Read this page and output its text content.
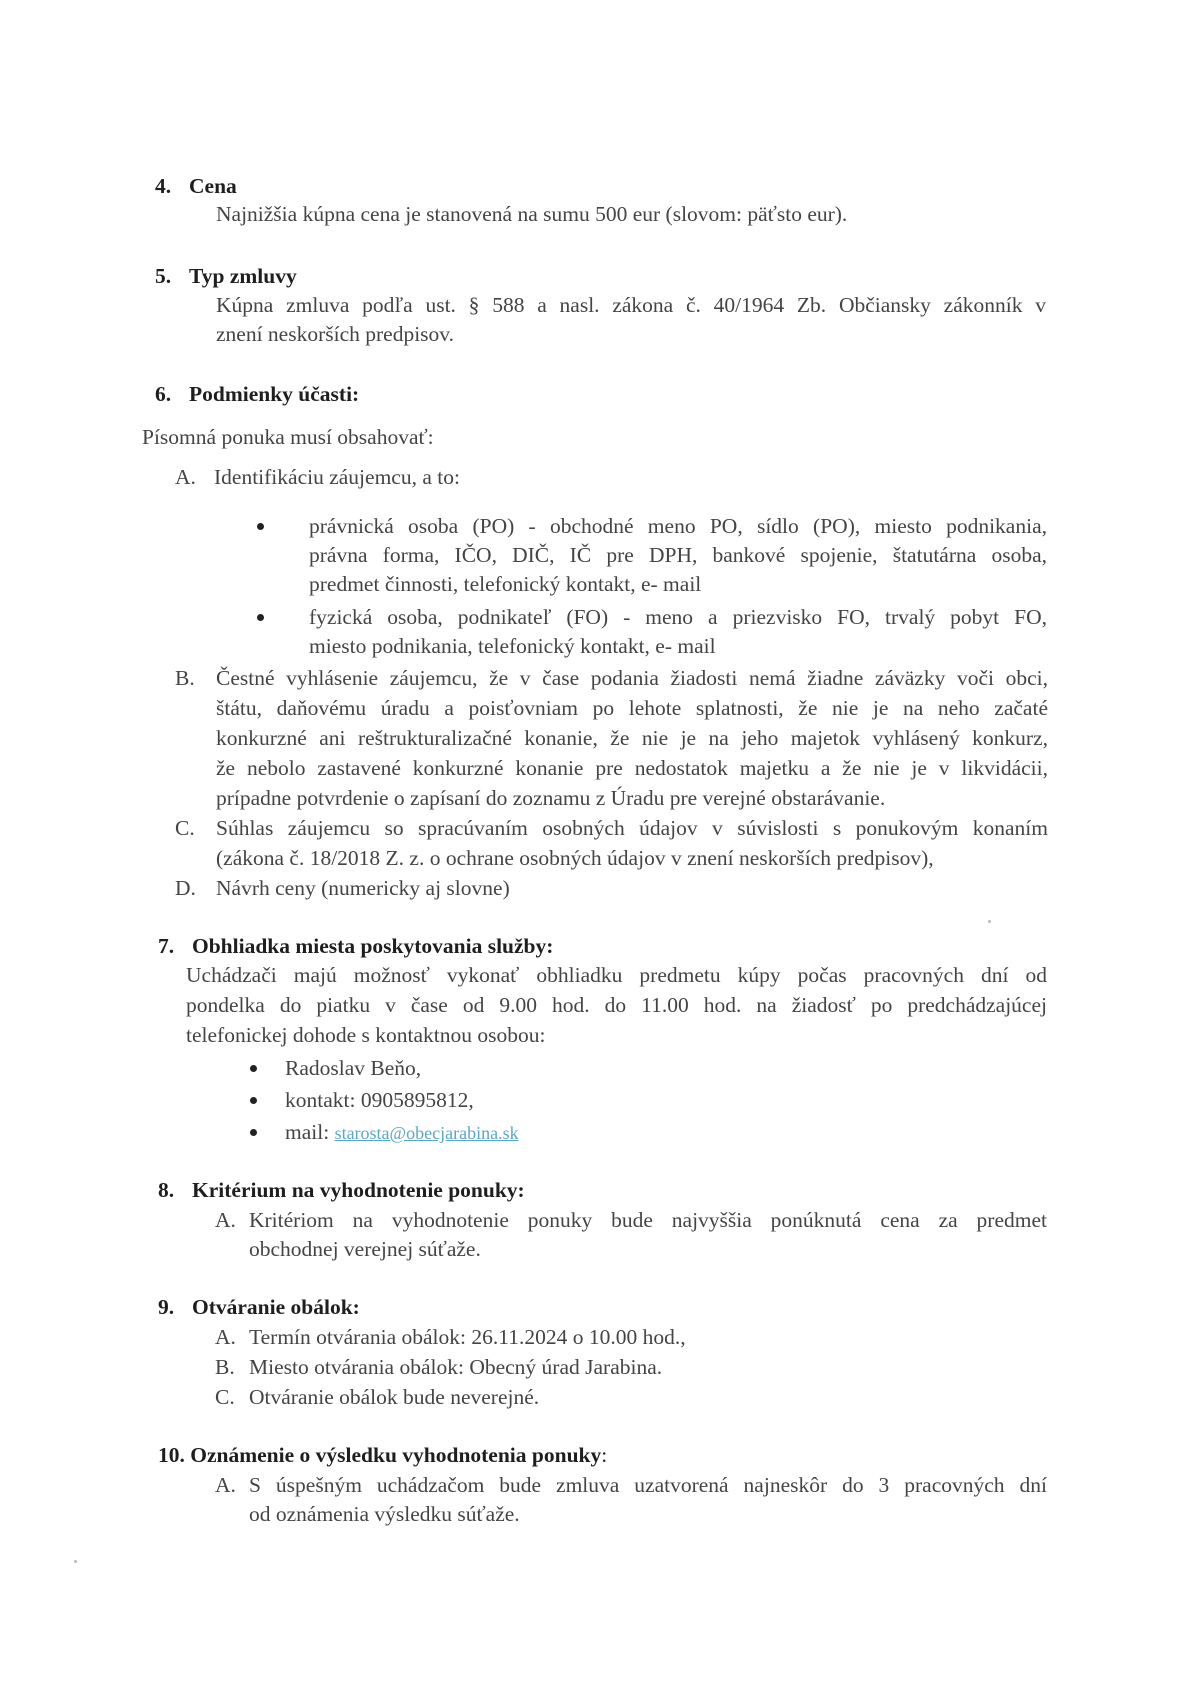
4. Cena
Najnižšia kúpna cena je stanovená na sumu 500 eur (slovom: päťsto eur).
5. Typ zmluvy
Kúpna zmluva podľa ust. § 588 a nasl. zákona č. 40/1964 Zb. Občiansky zákonník v
znení neskorších predpisov.
6. Podmienky účasti:
Písomná ponuka musí obsahovať:
A. Identifikáciu záujemcu, a to:
právnická osoba (PO) - obchodné meno PO, sídlo (PO), miesto podnikania,
právna forma, IČO, DIČ, IČ pre DPH, bankové spojenie, štatutárna osoba,
predmet činnosti, telefonický kontakt, e- mail
fyzická osoba, podnikateľ (FO) - meno a priezvisko FO, trvalý pobyt FO,
miesto podnikania, telefonický kontakt, e- mail
B. Čestné vyhlásenie záujemcu, že v čase podania žiadosti nemá žiadne záväzky voči obci,
štátu, daňovému úradu a poisťovniam po lehote splatnosti, že nie je na neho začaté
konkurzné ani reštrukturalizačné konanie, že nie je na jeho majetok vyhlásený konkurz,
že nebolo zastavené konkurzné konanie pre nedostatok majetku a že nie je v likvidácii,
prípadne potvrdenie o zapísaní do zoznamu z Úradu pre verejné obstarávanie.
C. Súhlas záujemcu so spracúvaním osobných údajov v súvislosti s ponukovým konaním
(zákona č. 18/2018 Z. z. o ochrane osobných údajov v znení neskorších predpisov),
D. Návrh ceny (numericky aj slovne)
7. Obhliadka miesta poskytovania služby:
Uchádzači majú možnosť vykonať obhliadku predmetu kúpy počas pracovných dní od
pondelka do piatku v čase od 9.00 hod. do 11.00 hod. na žiadosť po predchádzajúcej
telefonickej dohode s kontaktnou osobou:
Radoslav Beňo,
kontakt: 0905895812,
mail: starosta@obecjarabina.sk
8. Kritérium na vyhodnotenie ponuky:
A. Kritériom na vyhodnotenie ponuky bude najvyššia ponúknutá cena za predmet
obchodnej verejnej súťaže.
9. Otváranie obálok:
A. Termín otvárania obálok: 26.11.2024 o 10.00 hod.,
B. Miesto otvárania obálok: Obecný úrad Jarabina.
C. Otváranie obálok bude neverejné.
10. Oznámenie o výsledku vyhodnotenia ponuky:
A. S úspešným uchádzačom bude zmluva uzatvorená najneskôr do 3 pracovných dní
od oznámenia výsledku súťaže.
